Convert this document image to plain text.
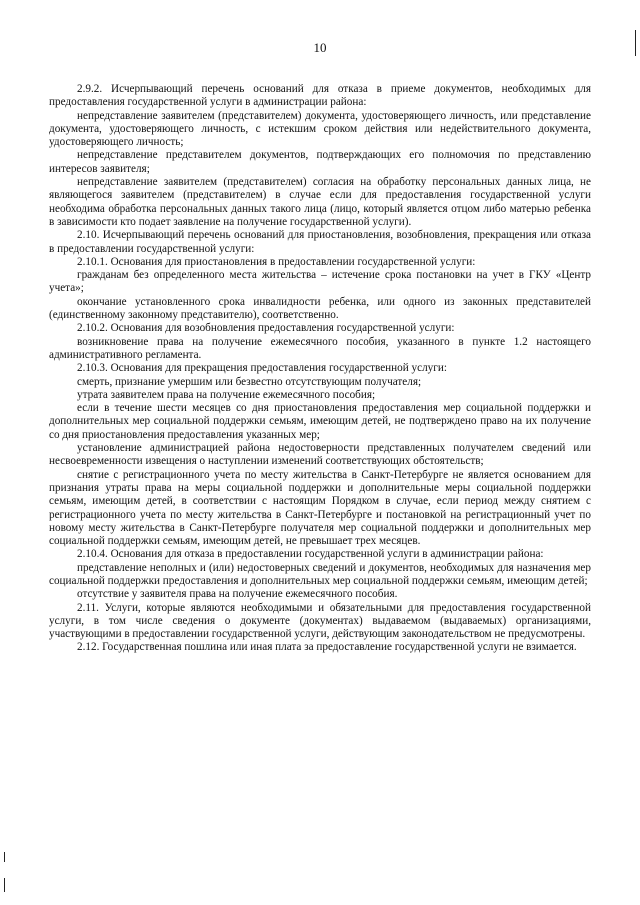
10

2.9.2. Исчерпывающий перечень оснований для отказа в приеме документов, необходимых для предоставления государственной услуги в администрации района:

непредставление заявителем (представителем) документа, удостоверяющего личность, или представление документа, удостоверяющего личность, с истекшим сроком действия или недействительного документа, удостоверяющего личность;

непредставление представителем документов, подтверждающих его полномочия по представлению интересов заявителя;

непредставление заявителем (представителем) согласия на обработку персональных данных лица, не являющегося заявителем (представителем) в случае если для предоставления государственной услуги необходима обработка персональных данных такого лица (лицо, который является отцом либо матерью ребенка в зависимости кто подает заявление на получение государственной услуги).

2.10. Исчерпывающий перечень оснований для приостановления, возобновления, прекращения или отказа в предоставлении государственной услуги:

2.10.1. Основания для приостановления в предоставлении государственной услуги:

гражданам без определенного места жительства – истечение срока постановки на учет в ГКУ «Центр учета»;

окончание установленного срока инвалидности ребенка, или одного из законных представителей (единственному законному представителю), соответственно.

2.10.2. Основания для возобновления предоставления государственной услуги:

возникновение права на получение ежемесячного пособия, указанного в пункте 1.2 настоящего административного регламента.

2.10.3. Основания для прекращения предоставления государственной услуги:

смерть, признание умершим или безвестно отсутствующим получателя;

утрата заявителем права на получение ежемесячного пособия;

если в течение шести месяцев со дня приостановления предоставления мер социальной поддержки и дополнительных мер социальной поддержки семьям, имеющим детей, не подтверждено право на их получение со дня приостановления предоставления указанных мер;

установление администрацией района недостоверности представленных получателем сведений или несвоевременности извещения о наступлении изменений соответствующих обстоятельств;

снятие с регистрационного учета по месту жительства в Санкт-Петербурге не является основанием для признания утраты права на меры социальной поддержки и дополнительные меры социальной поддержки семьям, имеющим детей, в соответствии с настоящим Порядком в случае, если период между снятием с регистрационного учета по месту жительства в Санкт-Петербурге и постановкой на регистрационный учет по новому месту жительства в Санкт-Петербурге получателя мер социальной поддержки и дополнительных мер социальной поддержки семьям, имеющим детей, не превышает трех месяцев.

2.10.4. Основания для отказа в предоставлении государственной услуги в администрации района:

представление неполных и (или) недостоверных сведений и документов, необходимых для назначения мер социальной поддержки предоставления и дополнительных мер социальной поддержки семьям, имеющим детей;

отсутствие у заявителя права на получение ежемесячного пособия.

2.11. Услуги, которые являются необходимыми и обязательными для предоставления государственной услуги, в том числе сведения о документе (документах) выдаваемом (выдаваемых) организациями, участвующими в предоставлении государственной услуги, действующим законодательством не предусмотрены.

2.12. Государственная пошлина или иная плата за предоставление государственной услуги не взимается.
